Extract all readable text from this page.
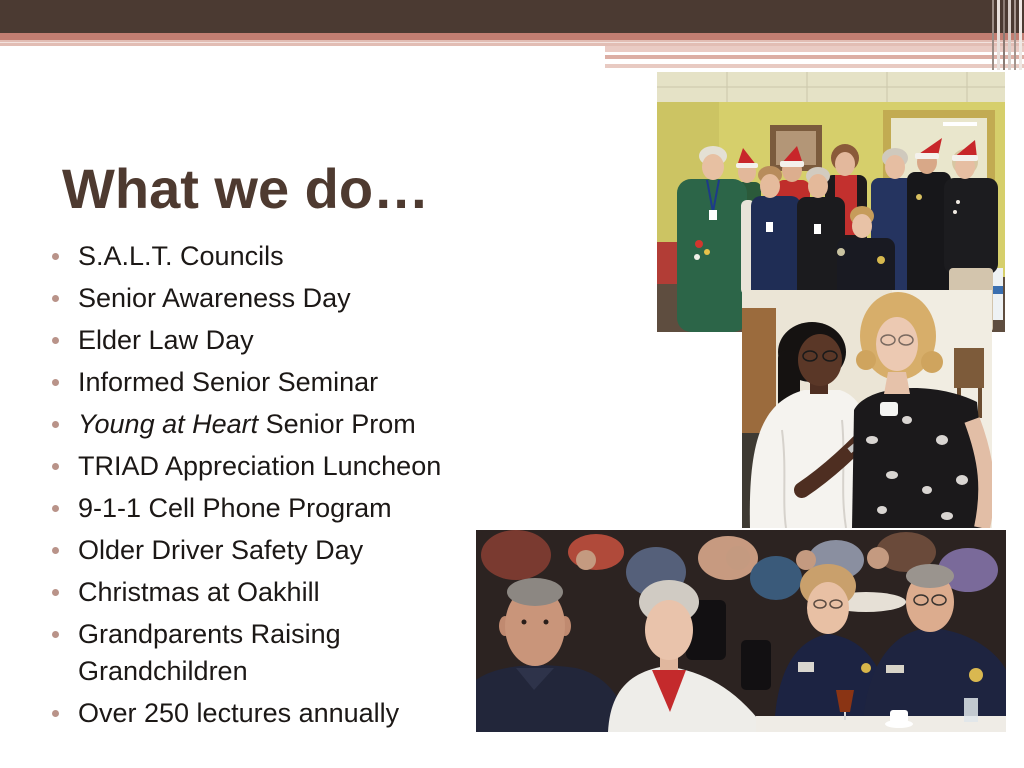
What we do…
S.A.L.T. Councils
Senior Awareness Day
Elder Law Day
Informed Senior Seminar
Young at Heart Senior Prom
TRIAD Appreciation Luncheon
9-1-1 Cell Phone Program
Older Driver Safety Day
Christmas at Oakhill
Grandparents Raising Grandchildren
Over 250 lectures annually
